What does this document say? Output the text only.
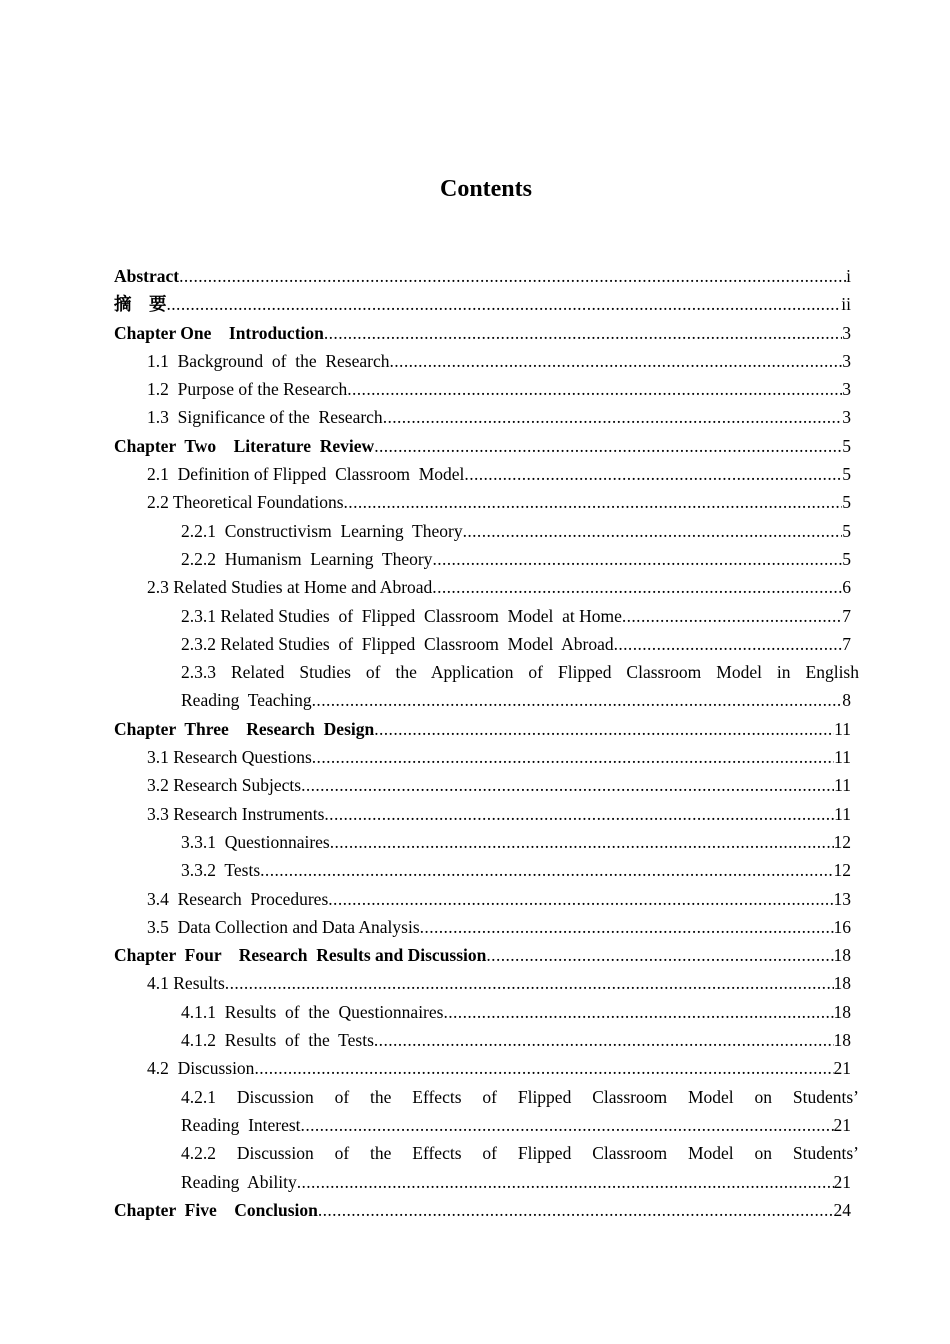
Contents
Abstract .....	i
摘    要 .....	ii
Chapter One    Introduction .....	3
1.1  Background  of  the  Research .....	3
1.2  Purpose of the Research .....	3
1.3  Significance of the  Research .....	3
Chapter  Two    Literature  Review .....	5
2.1  Definition of Flipped  Classroom  Model .....	5
2.2 Theoretical Foundations .....	5
2.2.1  Constructivism  Learning  Theory .....	5
2.2.2  Humanism  Learning  Theory .....	5
2.3 Related Studies at Home and Abroad .....	6
2.3.1 Related Studies  of  Flipped  Classroom  Model  at Home .....	7
2.3.2 Related Studies  of  Flipped  Classroom  Model  Abroad .....	7
2.3.3 Related Studies of the Application of Flipped Classroom Model in English
Reading  Teaching .....	8
Chapter  Three    Research  Design .....	11
3.1 Research Questions .....	11
3.2 Research Subjects .....	11
3.3 Research Instruments .....	11
3.3.1  Questionnaires .....	12
3.3.2  Tests .....	12
3.4  Research  Procedures .....	13
3.5  Data Collection and Data Analysis .....	16
Chapter  Four    Research  Results and Discussion .....	18
4.1 Results .....	18
4.1.1  Results  of  the  Questionnaires .....	18
4.1.2  Results  of  the  Tests .....	18
4.2  Discussion .....	21
4.2.1 Discussion of the Effects of Flipped Classroom Model on Students’
Reading  Interest .....	21
4.2.2 Discussion of the Effects of Flipped Classroom Model on Students’
Reading  Ability .....	21
Chapter  Five    Conclusion .....	24
